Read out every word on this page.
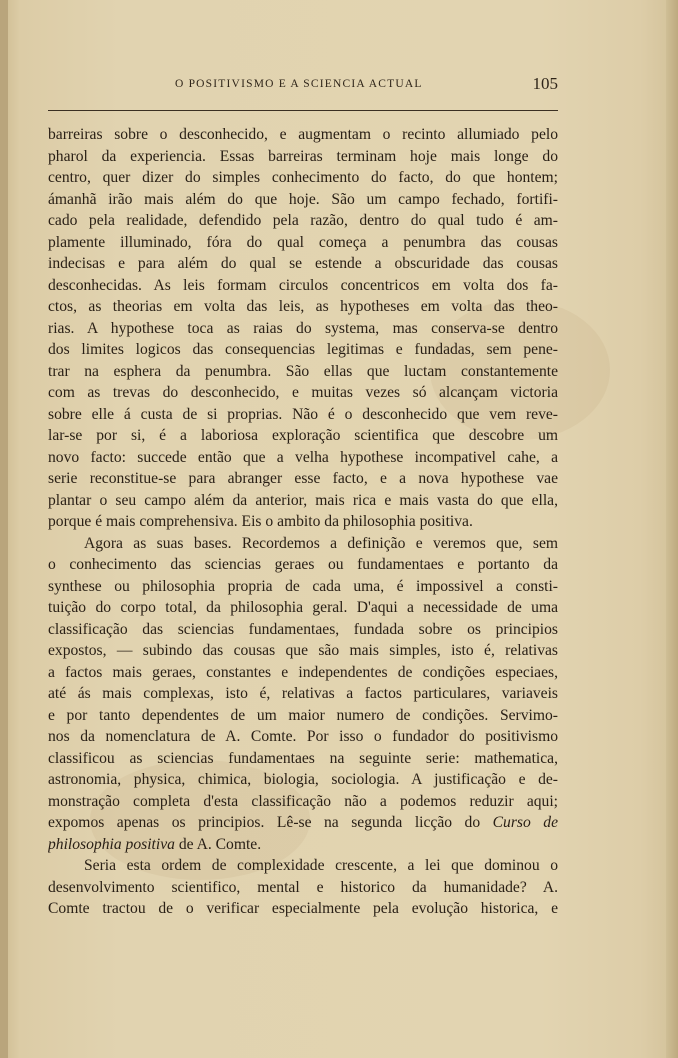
O POSITIVISMO E A SCIENCIA ACTUAL	105
barreiras sobre o desconhecido, e augmentam o recinto allumiado pelo
pharol da experiencia. Essas barreiras terminam hoje mais longe do
centro, quer dizer do simples conhecimento do facto, do que hontem;
ámanhã irão mais além do que hoje. São um campo fechado, fortifi-
cado pela realidade, defendido pela razão, dentro do qual tudo é am-
plamente illuminado, fóra do qual começa a penumbra das cousas
indecisas e para além do qual se estende a obscuridade das cousas
desconhecidas. As leis formam circulos concentricos em volta dos fa-
ctos, as theorias em volta das leis, as hypotheses em volta das theo-
rias. A hypothese toca as raias do systema, mas conserva-se dentro
dos limites logicos das consequencias legitimas e fundadas, sem pene-
trar na esphera da penumbra. São ellas que luctam constantemente
com as trevas do desconhecido, e muitas vezes só alcançam victoria
sobre elle á custa de si proprias. Não é o desconhecido que vem reve-
lar-se por si, é a laboriosa exploração scientifica que descobre um
novo facto: succede então que a velha hypothese incompativel cahe, a
serie reconstitue-se para abranger esse facto, e a nova hypothese vae
plantar o seu campo além da anterior, mais rica e mais vasta do que ella,
porque é mais comprehensiva. Eis o ambito da philosophia positiva.
Agora as suas bases. Recordemos a definição e veremos que, sem
o conhecimento das sciencias geraes ou fundamentaes e portanto da
synthese ou philosophia propria de cada uma, é impossivel a consti-
tuição do corpo total, da philosophia geral. D'aqui a necessidade de uma
classificação das sciencias fundamentaes, fundada sobre os principios
expostos, — subindo das cousas que são mais simples, isto é, relativas
a factos mais geraes, constantes e independentes de condições especiaes,
até ás mais complexas, isto é, relativas a factos particulares, variaveis
e por tanto dependentes de um maior numero de condições. Servimo-
nos da nomenclatura de A. Comte. Por isso o fundador do positivismo
classificou as sciencias fundamentaes na seguinte serie: mathematica,
astronomia, physica, chimica, biologia, sociologia. A justificação e de-
monstração completa d'esta classificação não a podemos reduzir aqui;
expomos apenas os principios. Lê-se na segunda licção do Curso de
philosophia positiva de A. Comte.
Seria esta ordem de complexidade crescente, a lei que dominou o
desenvolvimento scientifico, mental e historico da humanidade? A.
Comte tractou de o verificar especialmente pela evolução historica, e
